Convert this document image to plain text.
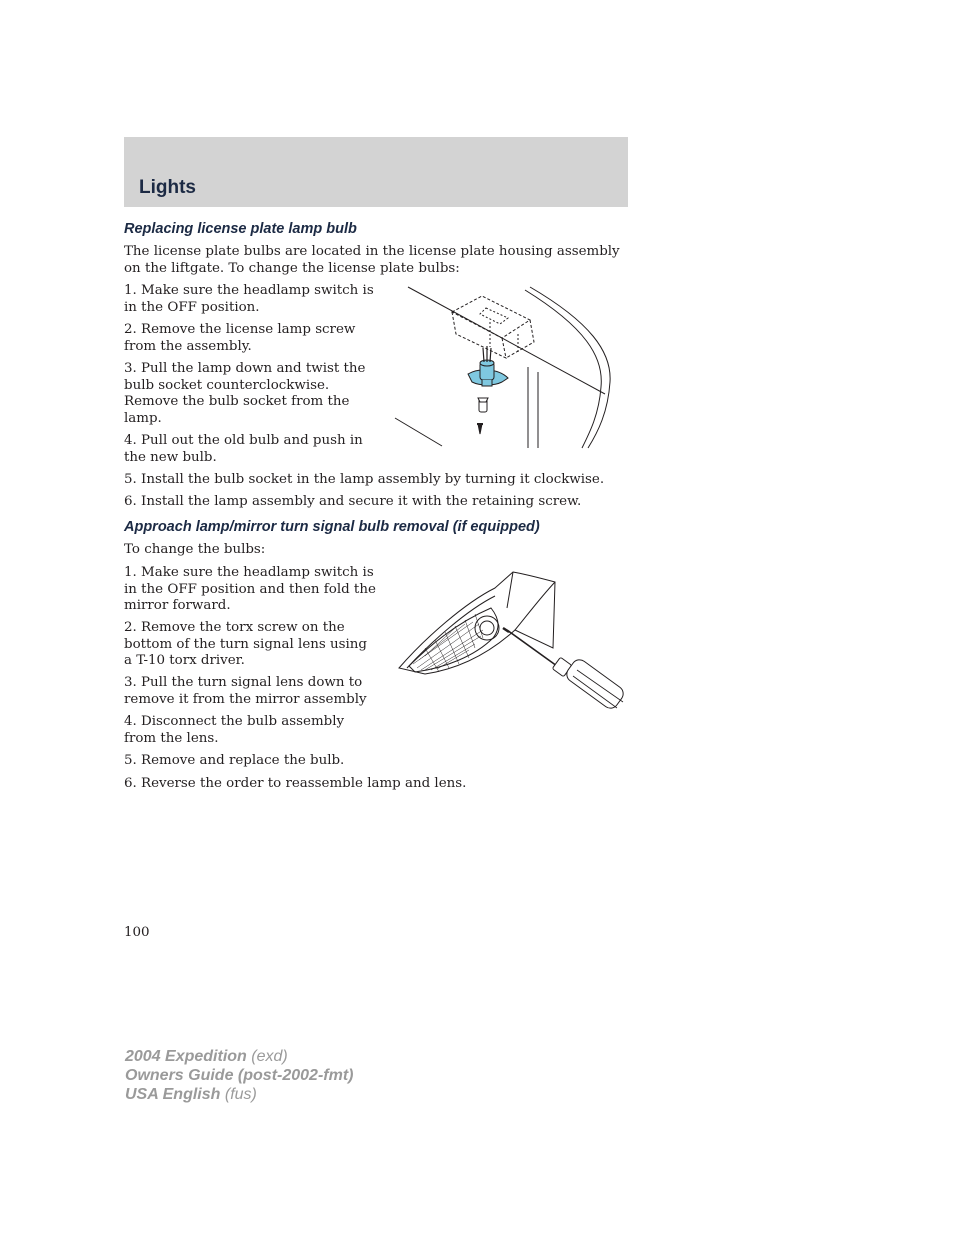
Lights
Replacing license plate lamp bulb
The license plate bulbs are located in the license plate housing assembly on the liftgate. To change the license plate bulbs:
1. Make sure the headlamp switch is in the OFF position.
2. Remove the license lamp screw from the assembly.
3. Pull the lamp down and twist the bulb socket counterclockwise. Remove the bulb socket from the lamp.
4. Pull out the old bulb and push in the new bulb.
5. Install the bulb socket in the lamp assembly by turning it clockwise.
6. Install the lamp assembly and secure it with the retaining screw.
Approach lamp/mirror turn signal bulb removal (if equipped)
To change the bulbs:
1. Make sure the headlamp switch is in the OFF position and then fold the mirror forward.
2. Remove the torx screw on the bottom of the turn signal lens using a T-10 torx driver.
3. Pull the turn signal lens down to remove it from the mirror assembly
4. Disconnect the bulb assembly from the lens.
5. Remove and replace the bulb.
6. Reverse the order to reassemble lamp and lens.
100
2004 Expedition (exd)
Owners Guide (post-2002-fmt)
USA English (fus)
